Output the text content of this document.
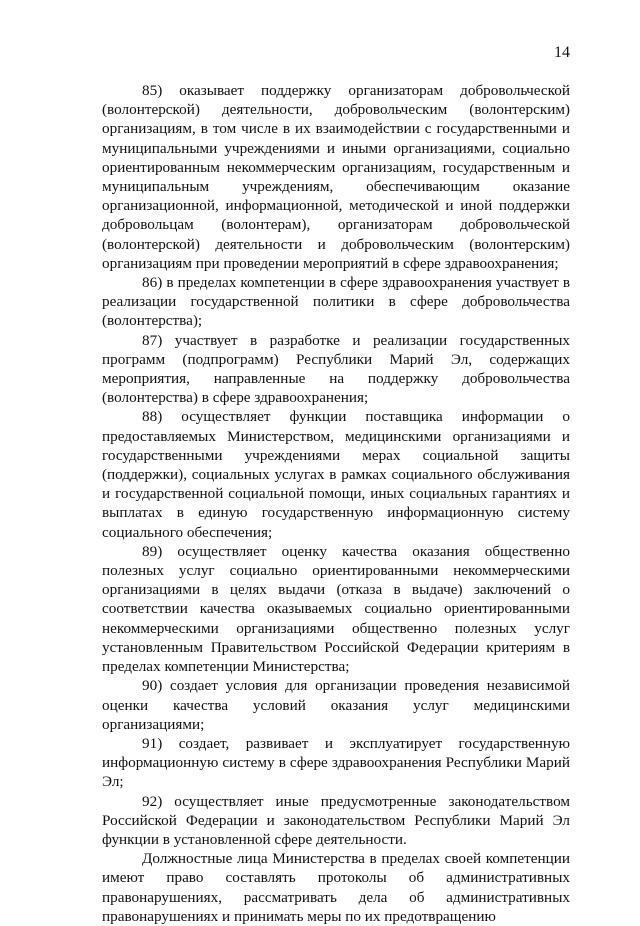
14

85) оказывает поддержку организаторам добровольческой (волонтерской) деятельности, добровольческим (волонтерским) организациям, в том числе в их взаимодействии с государственными и муниципальными учреждениями и иными организациями, социально ориентированным некоммерческим организациям, государственным и муниципальным учреждениям, обеспечивающим оказание организационной, информационной, методической и иной поддержки добровольцам (волонтерам), организаторам добровольческой (волонтерской) деятельности и добровольческим (волонтерским) организациям при проведении мероприятий в сфере здравоохранения;

86) в пределах компетенции в сфере здравоохранения участвует в реализации государственной политики в сфере добровольчества (волонтерства);

87) участвует в разработке и реализации государственных программ (подпрограмм) Республики Марий Эл, содержащих мероприятия, направленные на поддержку добровольчества (волонтерства) в сфере здравоохранения;

88) осуществляет функции поставщика информации о предоставляемых Министерством, медицинскими организациями и государственными учреждениями мерах социальной защиты (поддержки), социальных услугах в рамках социального обслуживания и государственной социальной помощи, иных социальных гарантиях и выплатах в единую государственную информационную систему социального обеспечения;

89) осуществляет оценку качества оказания общественно полезных услуг социально ориентированными некоммерческими организациями в целях выдачи (отказа в выдаче) заключений о соответствии качества оказываемых социально ориентированными некоммерческими организациями общественно полезных услуг установленным Правительством Российской Федерации критериям в пределах компетенции Министерства;

90) создает условия для организации проведения независимой оценки качества условий оказания услуг медицинскими организациями;

91) создает, развивает и эксплуатирует государственную информационную систему в сфере здравоохранения Республики Марий Эл;

92) осуществляет иные предусмотренные законодательством Российской Федерации и законодательством Республики Марий Эл функции в установленной сфере деятельности.

Должностные лица Министерства в пределах своей компетенции имеют право составлять протоколы об административных правонарушениях, рассматривать дела об административных правонарушениях и принимать меры по их предотвращению
